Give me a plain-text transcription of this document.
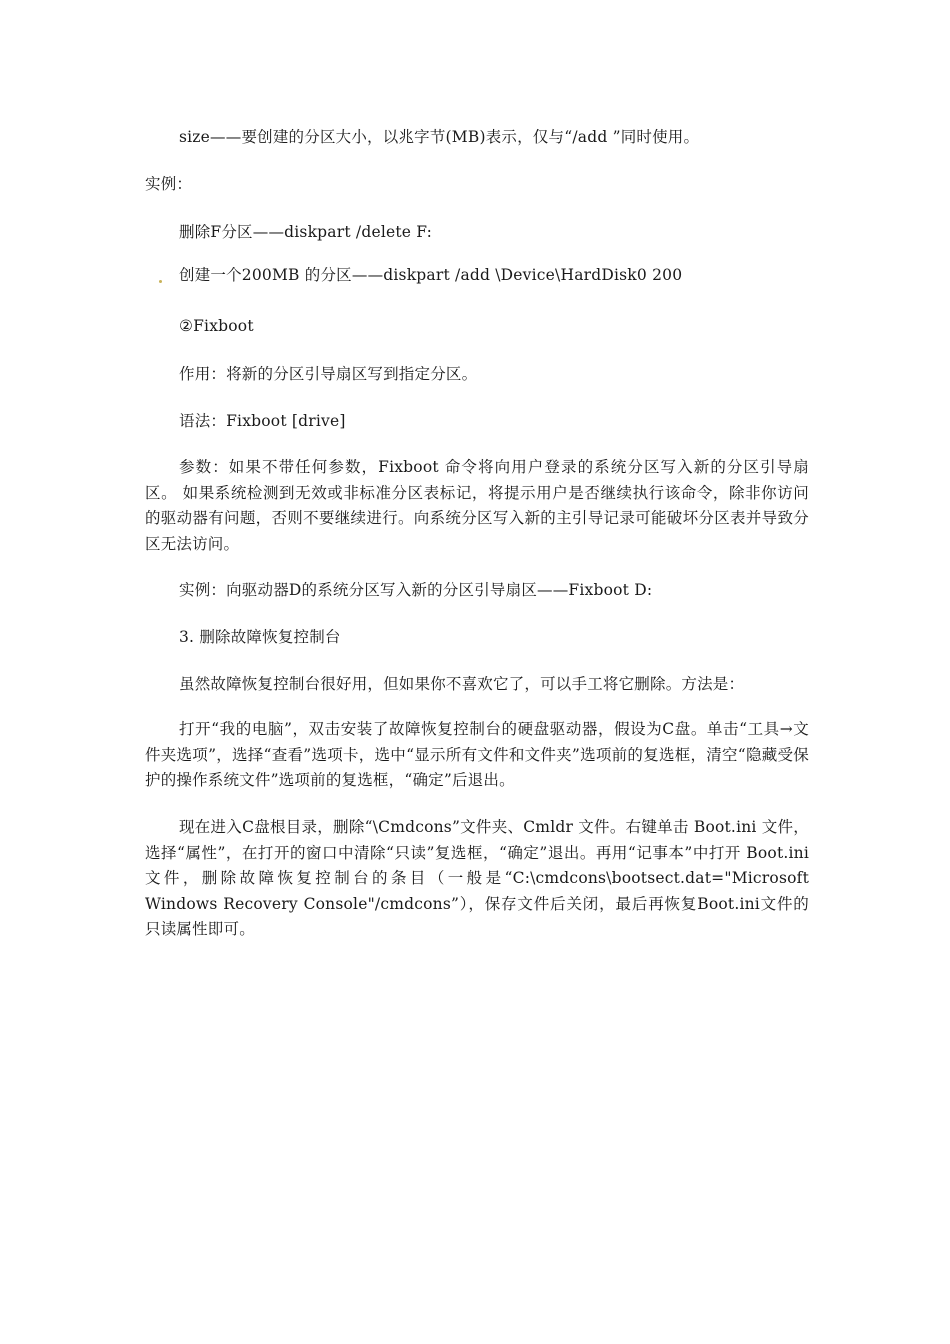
size——要创建的分区大小，以兆字节(MB)表示，仅与“/add ”同时使用。
实例：
删除F分区——diskpart /delete F:
创建一个200MB 的分区——diskpart /add \Device\HardDisk0 200
②Fixboot
作用：将新的分区引导扇区写到指定分区。
语法：Fixboot [drive]
参数：如果不带任何参数，Fixboot 命令将向用户登录的系统分区写入新的分区引导扇区。 如果系统检测到无效或非标准分区表标记，将提示用户是否继续执行该命令，除非你访问的驱动器有问题，否则不要继续进行。向系统分区写入新的主引导记录可能破坏分区表并导致分区无法访问。
实例：向驱动器D的系统分区写入新的分区引导扇区——Fixboot D:
3. 删除故障恢复控制台
虽然故障恢复控制台很好用，但如果你不喜欢它了，可以手工将它删除。方法是：
打开“我的电脑”，双击安装了故障恢复控制台的硬盘驱动器，假设为C盘。单击“工具→文件夹选项”，选择“查看”选项卡，选中“显示所有文件和文件夹”选项前的复选框，清空“隐藏受保护的操作系统文件”选项前的复选框，“确定”后退出。
现在进入C盘根目录，删除“\Cmdcons”文件夹、Cmldr 文件。右键单击 Boot.ini 文件，选择“属性”，在打开的窗口中清除“只读”复选框，“确定”退出。再用“记事本”中打开 Boot.ini 文件，删除故障恢复控制台的条目（一般是“C:\cmdcons\bootsect.dat="Microsoft Windows Recovery Console"/cmdcons”），保存文件后关闭，最后再恢复Boot.ini文件的只读属性即可。
